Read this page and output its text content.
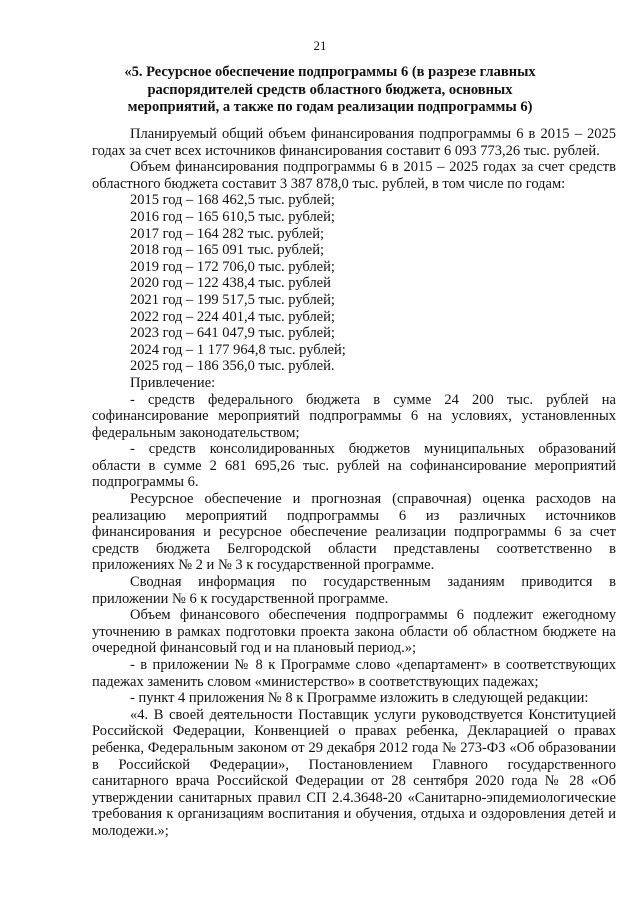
21
«5. Ресурсное обеспечение подпрограммы 6 (в разрезе главных
распорядителей средств областного бюджета, основных
мероприятий, а также по годам реализации подпрограммы 6)

Планируемый общий объем финансирования подпрограммы 6 в 2015 – 2025 годах за счет всех источников финансирования составит 6 093 773,26 тыс. рублей.

Объем финансирования подпрограммы 6 в 2015 – 2025 годах за счет средств областного бюджета составит 3 387 878,0 тыс. рублей, в том числе по годам:

2015 год – 168 462,5 тыс. рублей;
2016 год – 165 610,5 тыс. рублей;
2017 год – 164 282 тыс. рублей;
2018 год – 165 091 тыс. рублей;
2019 год – 172 706,0 тыс. рублей;
2020 год – 122 438,4 тыс. рублей
2021 год – 199 517,5 тыс. рублей;
2022 год – 224 401,4 тыс. рублей;
2023 год – 641 047,9 тыс. рублей;
2024 год – 1 177 964,8 тыс. рублей;
2025 год – 186 356,0 тыс. рублей.

Привлечение:

- средств федерального бюджета в сумме 24 200 тыс. рублей на софинансирование мероприятий подпрограммы 6 на условиях, установленных федеральным законодательством;

- средств консолидированных бюджетов муниципальных образований области в сумме 2 681 695,26 тыс. рублей на софинансирование мероприятий подпрограммы 6.

Ресурсное обеспечение и прогнозная (справочная) оценка расходов на реализацию мероприятий подпрограммы 6 из различных источников финансирования и ресурсное обеспечение реализации подпрограммы 6 за счет средств бюджета Белгородской области представлены соответственно в приложениях № 2 и № 3 к государственной программе.

Сводная информация по государственным заданиям приводится в приложении № 6 к государственной программе.

Объем финансового обеспечения подпрограммы 6 подлежит ежегодному уточнению в рамках подготовки проекта закона области об областном бюджете на очередной финансовый год и на плановый период.»;

- в приложении № 8 к Программе слово «департамент» в соответствующих падежах заменить словом «министерство» в соответствующих падежах;

- пункт 4 приложения № 8 к Программе изложить в следующей редакции:

«4. В своей деятельности Поставщик услуги руководствуется Конституцией Российской Федерации, Конвенцией о правах ребенка, Декларацией о правах ребенка, Федеральным законом от 29 декабря 2012 года № 273-ФЗ «Об образовании в Российской Федерации», Постановлением Главного государственного санитарного врача Российской Федерации от 28 сентября 2020 года № 28 «Об утверждении санитарных правил СП 2.4.3648-20 «Санитарно-эпидемиологические требования к организациям воспитания и обучения, отдыха и оздоровления детей и молодежи.»;
